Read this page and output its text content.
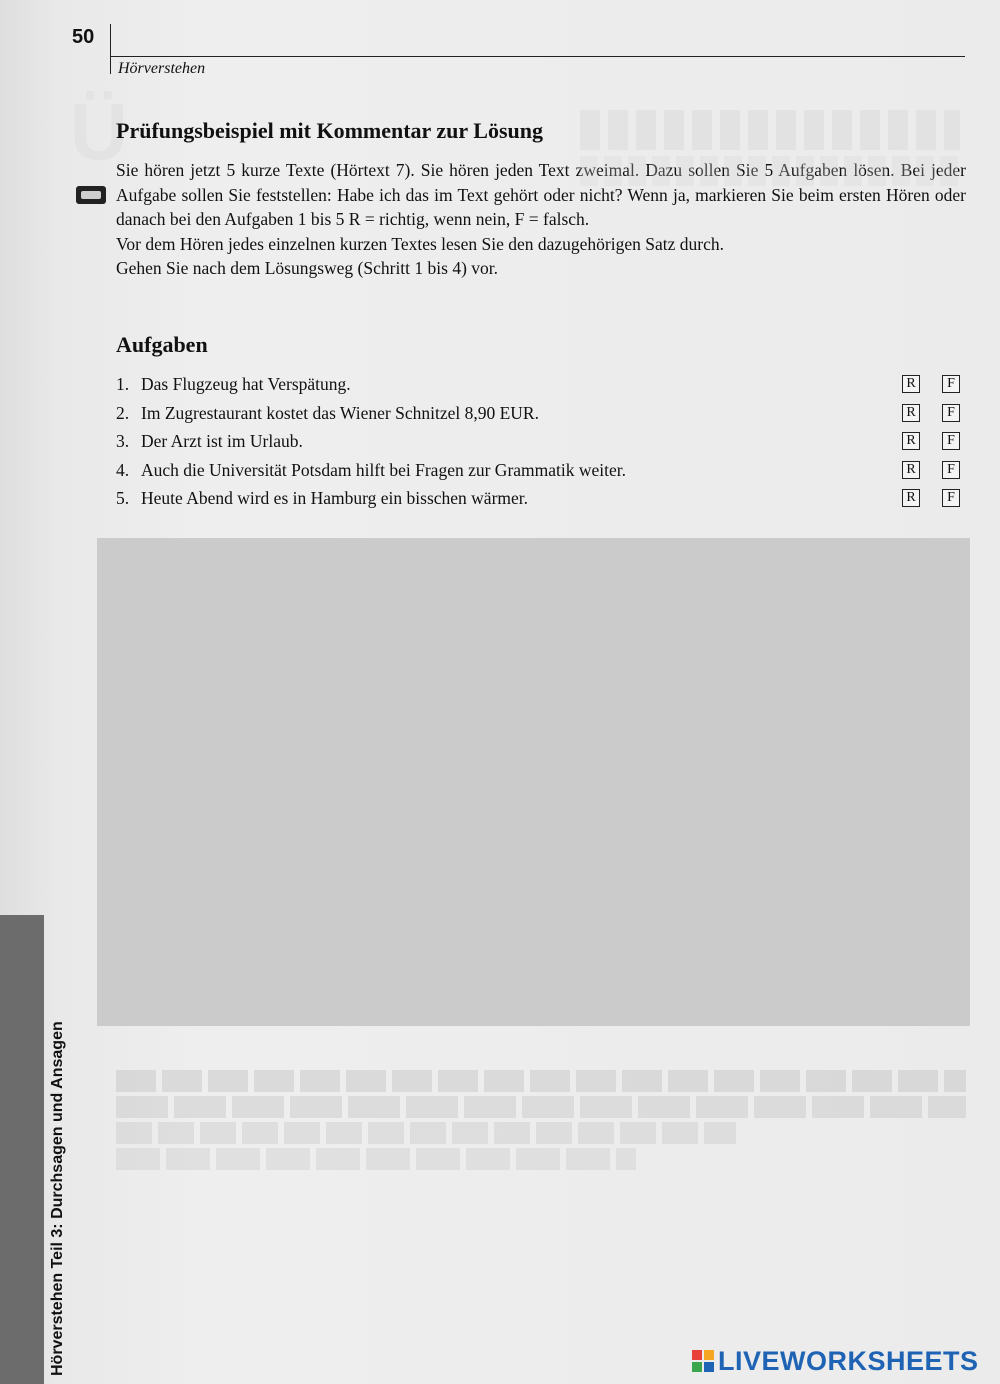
Hörverstehen Teil 3: Durchsagen und Ansagen
50
Hörverstehen
Ü
Prüfungsbeispiel mit Kommentar zur Lösung

Sie hören jetzt 5 kurze Texte (Hörtext 7). Sie hören jeden Text zweimal. Dazu sollen Sie 5 Aufgaben lösen. Bei jeder Aufgabe sollen Sie feststellen: Habe ich das im Text gehört oder nicht? Wenn ja, markieren Sie beim ersten Hören oder danach bei den Aufgaben 1 bis 5 R = richtig, wenn nein, F = falsch.

Vor dem Hören jedes einzelnen kurzen Textes lesen Sie den dazugehörigen Satz durch.

Gehen Sie nach dem Lösungsweg (Schritt 1 bis 4) vor.

Aufgaben
1. Das Flugzeug hat Verspätung.	R	F
2. Im Zugrestaurant kostet das Wiener Schnitzel 8,90 EUR.	R	F
3. Der Arzt ist im Urlaub.	R	F
4. Auch die Universität Potsdam hilft bei Fragen zur Grammatik weiter.	R	F
5. Heute Abend wird es in Hamburg ein bisschen wärmer.	R	F
LIVEWORKSHEETS
